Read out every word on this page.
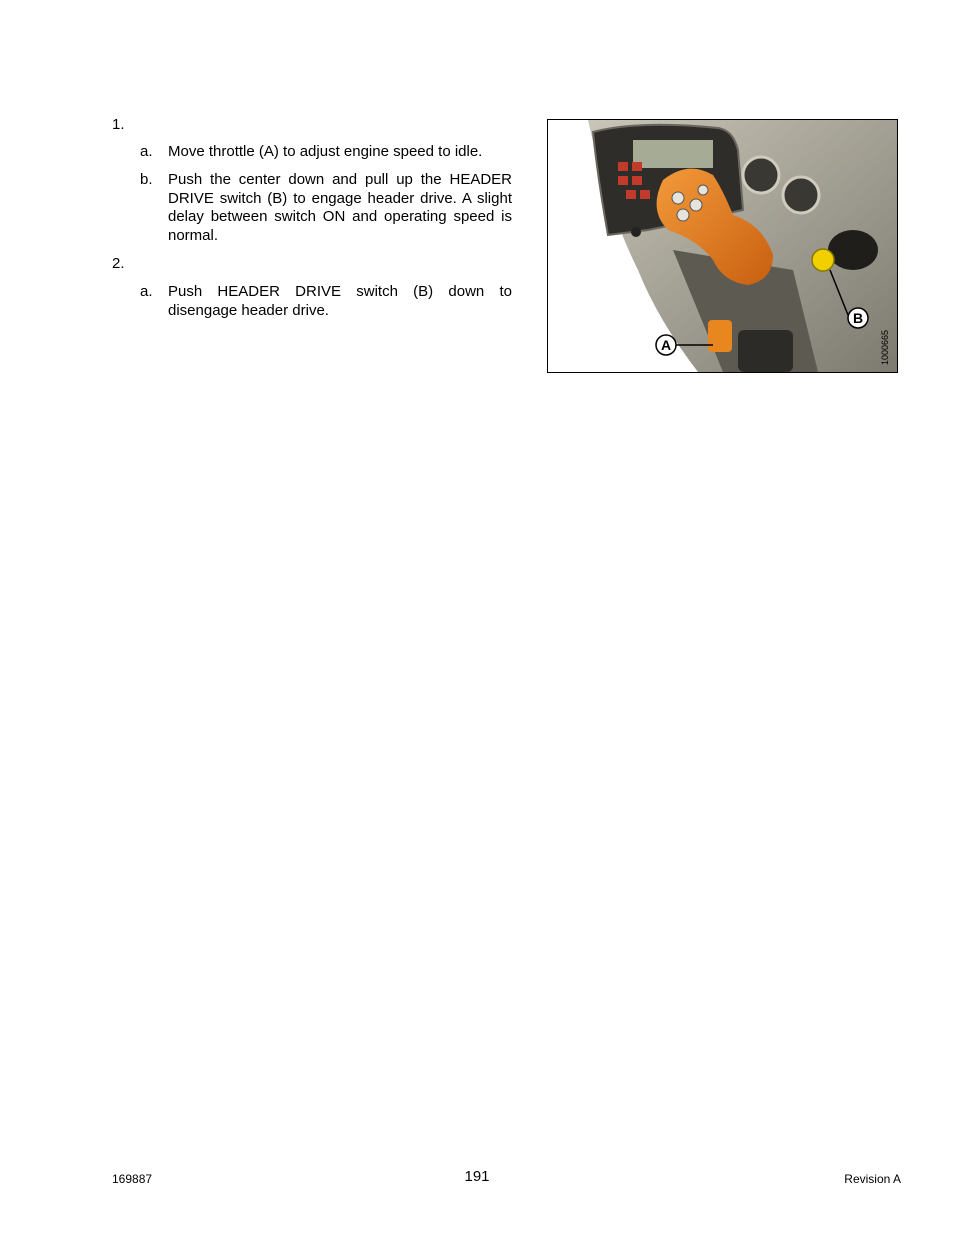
1.
a. Move throttle (A) to adjust engine speed to idle.
b. Push the center down and pull up the HEADER DRIVE switch (B) to engage header drive. A slight delay between switch ON and operating speed is normal.
2.
a. Push HEADER DRIVE switch (B) down to disengage header drive.
A
B
1000665
169887	191	Revision A
